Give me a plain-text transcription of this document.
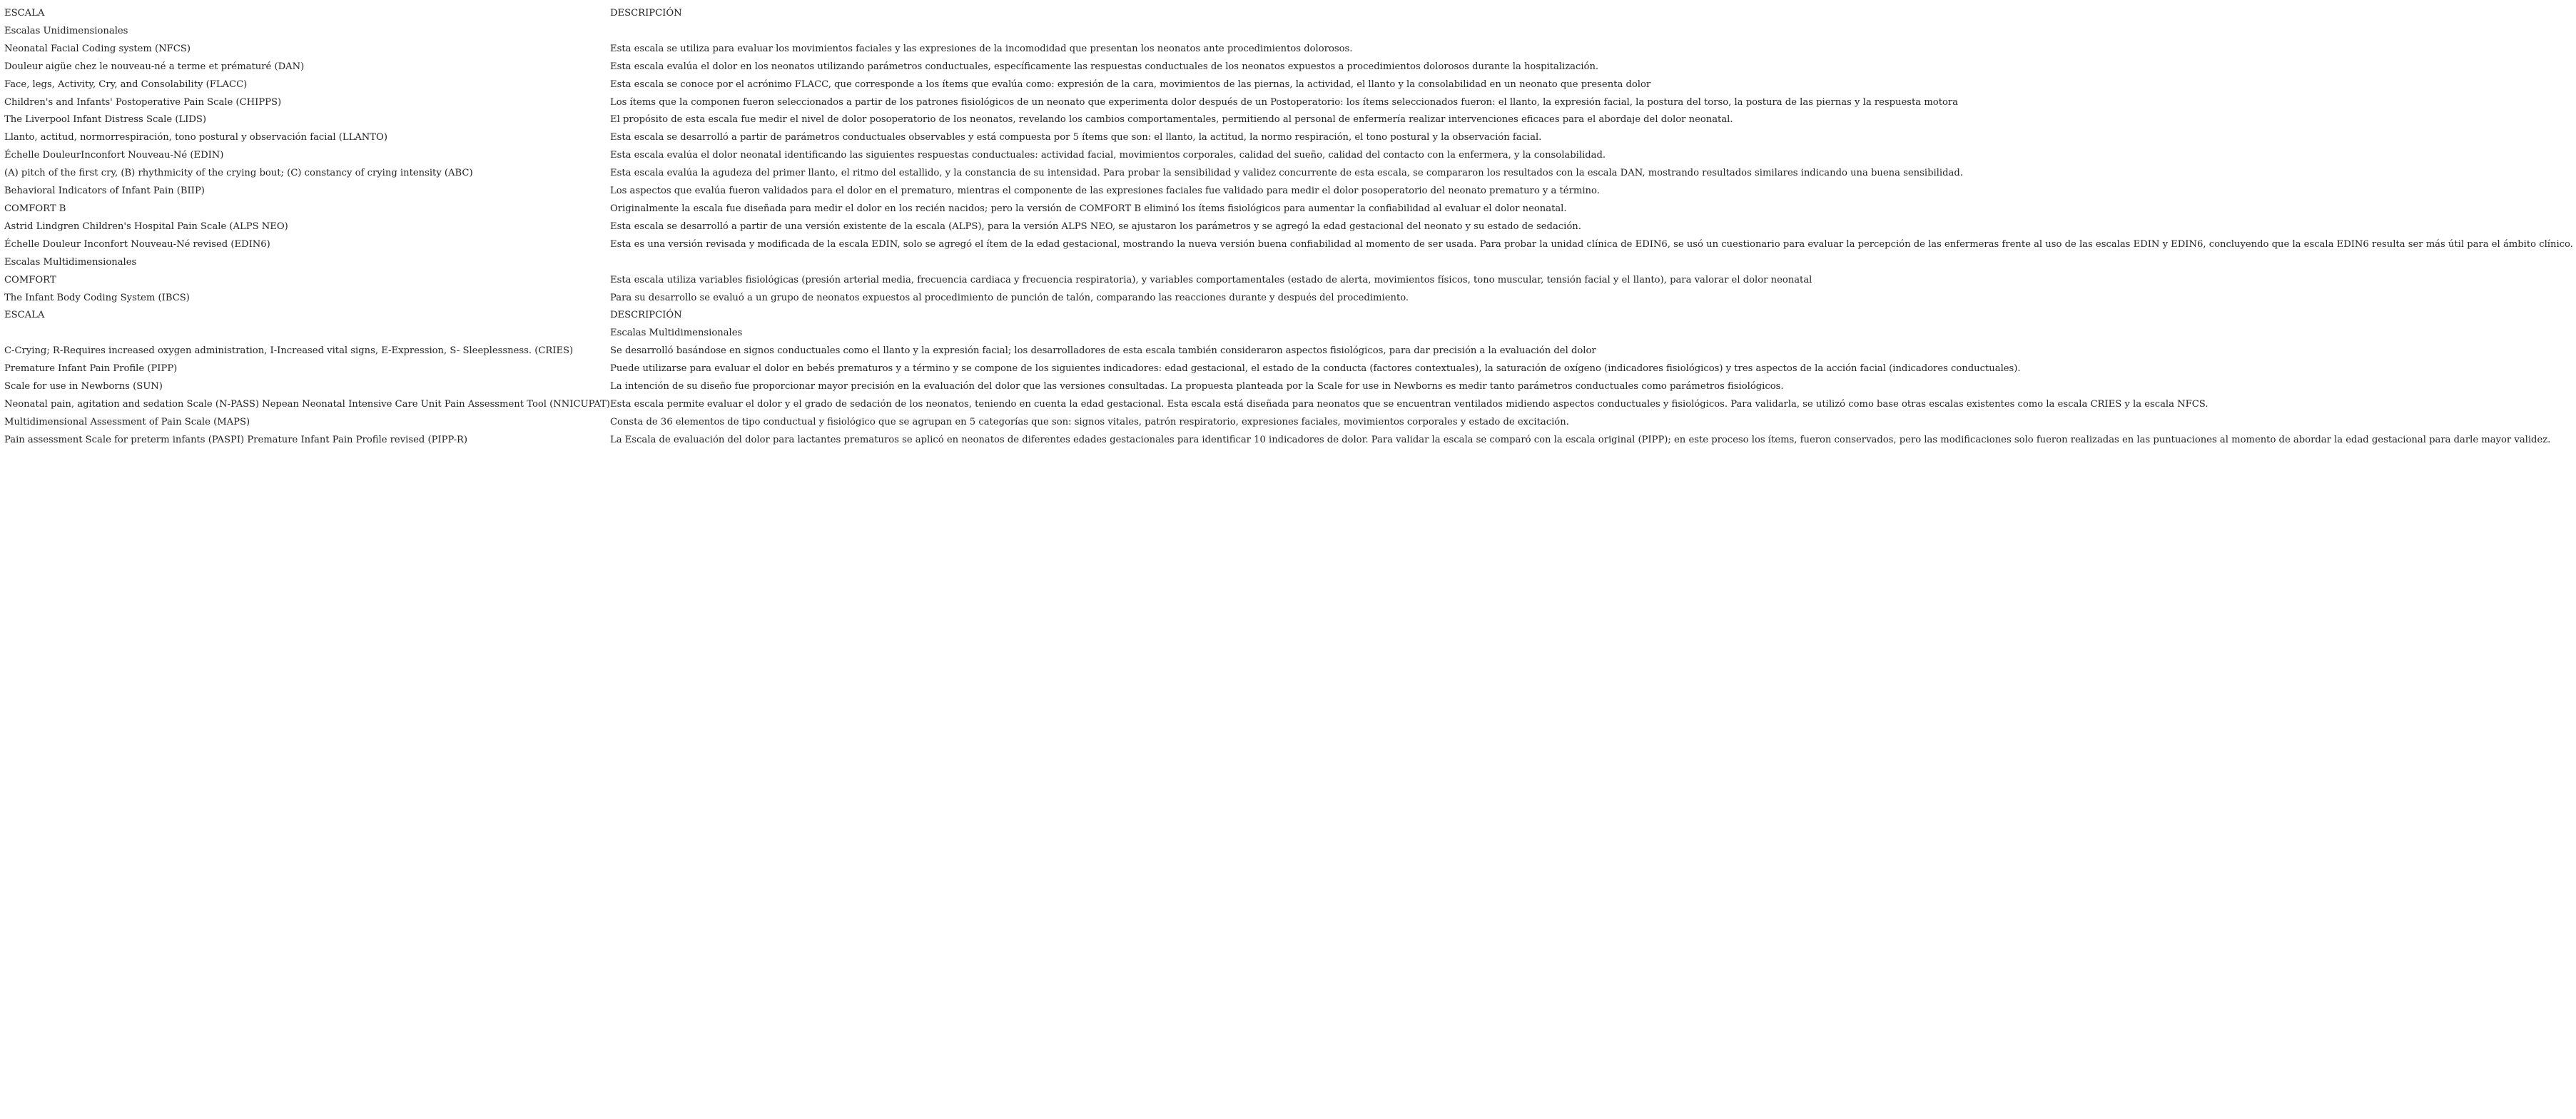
ESCALA	DESCRIPCIÓN
Escalas Unidimensionales	
Neonatal Facial Coding system (NFCS)	Esta escala se utiliza para evaluar los movimientos faciales y las expresiones de la incomodidad que presentan los neonatos ante procedimientos dolorosos.
Douleur aigüe chez le nouveau-né a terme et prématuré (DAN)	Esta escala evalúa el dolor en los neonatos utilizando parámetros conductuales, específicamente las respuestas conductuales de los neonatos expuestos a procedimientos dolorosos durante la hospitalización.
Face, legs, Activity, Cry, and Consolability (FLACC)	Esta escala se conoce por el acrónimo FLACC, que corresponde a los ítems que evalúa como: expresión de la cara, movimientos de las piernas, la actividad, el llanto y la consolabilidad en un neonato que presenta dolor
Children's and Infants' Postoperative Pain Scale (CHIPPS)	Los ítems que la componen fueron seleccionados a partir de los patrones fisiológicos de un neonato que experimenta dolor después de un Postoperatorio: los ítems seleccionados fueron: el llanto, la expresión facial, la postura del torso, la postura de las piernas y la respuesta motora
The Liverpool Infant Distress Scale (LIDS)	El propósito de esta escala fue medir el nivel de dolor posoperatorio de los neonatos, revelando los cambios comportamentales, permitiendo al personal de enfermería realizar intervenciones eficaces para el abordaje del dolor neonatal.
Llanto, actitud, normorrespiración, tono postural y observación facial (LLANTO)	Esta escala se desarrolló a partir de parámetros conductuales observables y está compuesta por 5 ítems que son: el llanto, la actitud, la normo respiración, el tono postural y la observación facial.
Échelle DouleurInconfort Nouveau-Né (EDIN)	Esta escala evalúa el dolor neonatal identificando las siguientes respuestas conductuales: actividad facial, movimientos corporales, calidad del sueño, calidad del contacto con la enfermera, y la consolabilidad.
(A) pitch of the first cry, (B) rhythmicity of the crying bout; (C) constancy of crying intensity (ABC)	Esta escala evalúa la agudeza del primer llanto, el ritmo del estallido, y la constancia de su intensidad. Para probar la sensibilidad y validez concurrente de esta escala, se compararon los resultados con la escala DAN, mostrando resultados similares indicando una buena sensibilidad.
Behavioral Indicators of Infant Pain (BIIP)	Los aspectos que evalúa fueron validados para el dolor en el prematuro, mientras el componente de las expresiones faciales fue validado para medir el dolor posoperatorio del neonato prematuro y a término.
COMFORT B	Originalmente la escala fue diseñada para medir el dolor en los recién nacidos; pero la versión de COMFORT B eliminó los ítems fisiológicos para aumentar la confiabilidad al evaluar el dolor neonatal.
Astrid Lindgren Children's Hospital Pain Scale (ALPS NEO)	Esta escala se desarrolló a partir de una versión existente de la escala (ALPS), para la versión ALPS NEO, se ajustaron los parámetros y se agregó la edad gestacional del neonato y su estado de sedación.
Échelle Douleur Inconfort Nouveau-Né revised (EDIN6)	Esta es una versión revisada y modificada de la escala EDIN, solo se agregó el ítem de la edad gestacional, mostrando la nueva versión buena confiabilidad al momento de ser usada. Para probar la unidad clínica de EDIN6, se usó un cuestionario para evaluar la percepción de las enfermeras frente al uso de las escalas EDIN y EDIN6, concluyendo que la escala EDIN6 resulta ser más útil para el ámbito clínico.
Escalas Multidimensionales	
COMFORT	Esta escala utiliza variables fisiológicas (presión arterial media, frecuencia cardiaca y frecuencia respiratoria), y variables comportamentales (estado de alerta, movimientos físicos, tono muscular, tensión facial y el llanto), para valorar el dolor neonatal
The Infant Body Coding System (IBCS)	Para su desarrollo se evaluó a un grupo de neonatos expuestos al procedimiento de punción de talón, comparando las reacciones durante y después del procedimiento.
ESCALA	DESCRIPCIÓN
	Escalas Multidimensionales
C-Crying; R-Requires increased oxygen administration, I-Increased vital signs, E-Expression, S- Sleeplessness. (CRIES)	Se desarrolló basándose en signos conductuales como el llanto y la expresión facial; los desarrolladores de esta escala también consideraron aspectos fisiológicos, para dar precisión a la evaluación del dolor
Premature Infant Pain Profile (PIPP)	Puede utilizarse para evaluar el dolor en bebés prematuros y a término y se compone de los siguientes indicadores: edad gestacional, el estado de la conducta (factores contextuales), la saturación de oxígeno (indicadores fisiológicos) y tres aspectos de la acción facial (indicadores conductuales).
Scale for use in Newborns (SUN)	La intención de su diseño fue proporcionar mayor precisión en la evaluación del dolor que las versiones consultadas. La propuesta planteada por la Scale for use in Newborns es medir tanto parámetros conductuales como parámetros fisiológicos.
Neonatal pain, agitation and sedation Scale (N-PASS) Nepean Neonatal Intensive Care Unit Pain Assessment Tool (NNICUPAT)	Esta escala permite evaluar el dolor y el grado de sedación de los neonatos, teniendo en cuenta la edad gestacional. Esta escala está diseñada para neonatos que se encuentran ventilados midiendo aspectos conductuales y fisiológicos. Para validarla, se utilizó como base otras escalas existentes como la escala CRIES y la escala NFCS.
Multidimensional Assessment of Pain Scale (MAPS)	Consta de 36 elementos de tipo conductual y fisiológico que se agrupan en 5 categorías que son: signos vitales, patrón respiratorio, expresiones faciales, movimientos corporales y estado de excitación.
Pain assessment Scale for preterm infants (PASPI) Premature Infant Pain Profile revised (PIPP-R)	La Escala de evaluación del dolor para lactantes prematuros se aplicó en neonatos de diferentes edades gestacionales para identificar 10 indicadores de dolor. Para validar la escala se comparó con la escala original (PIPP); en este proceso los ítems, fueron conservados, pero las modificaciones solo fueron realizadas en las puntuaciones al momento de abordar la edad gestacional para darle mayor validez.
